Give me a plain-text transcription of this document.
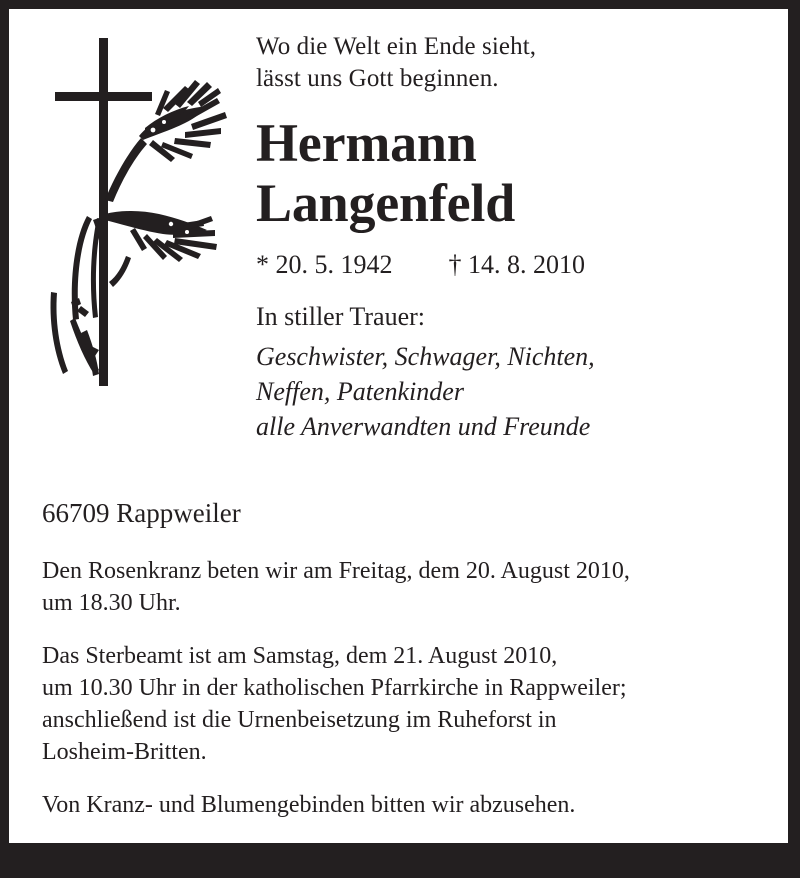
Wo die Welt ein Ende sieht,
lässt uns Gott beginnen.
Hermann
Langenfeld
* 20. 5. 1942 † 14. 8. 2010
In stiller Trauer:
Geschwister, Schwager, Nichten,
Neffen, Patenkinder
alle Anverwandten und Freunde
66709 Rappweiler
Den Rosenkranz beten wir am Freitag, dem 20. August 2010,
um 18.30 Uhr.
Das Sterbeamt ist am Samstag, dem 21. August 2010,
um 10.30 Uhr in der katholischen Pfarrkirche in Rappweiler;
anschließend ist die Urnenbeisetzung im Ruheforst in
Losheim-Britten.
Von Kranz- und Blumengebinden bitten wir abzusehen.
